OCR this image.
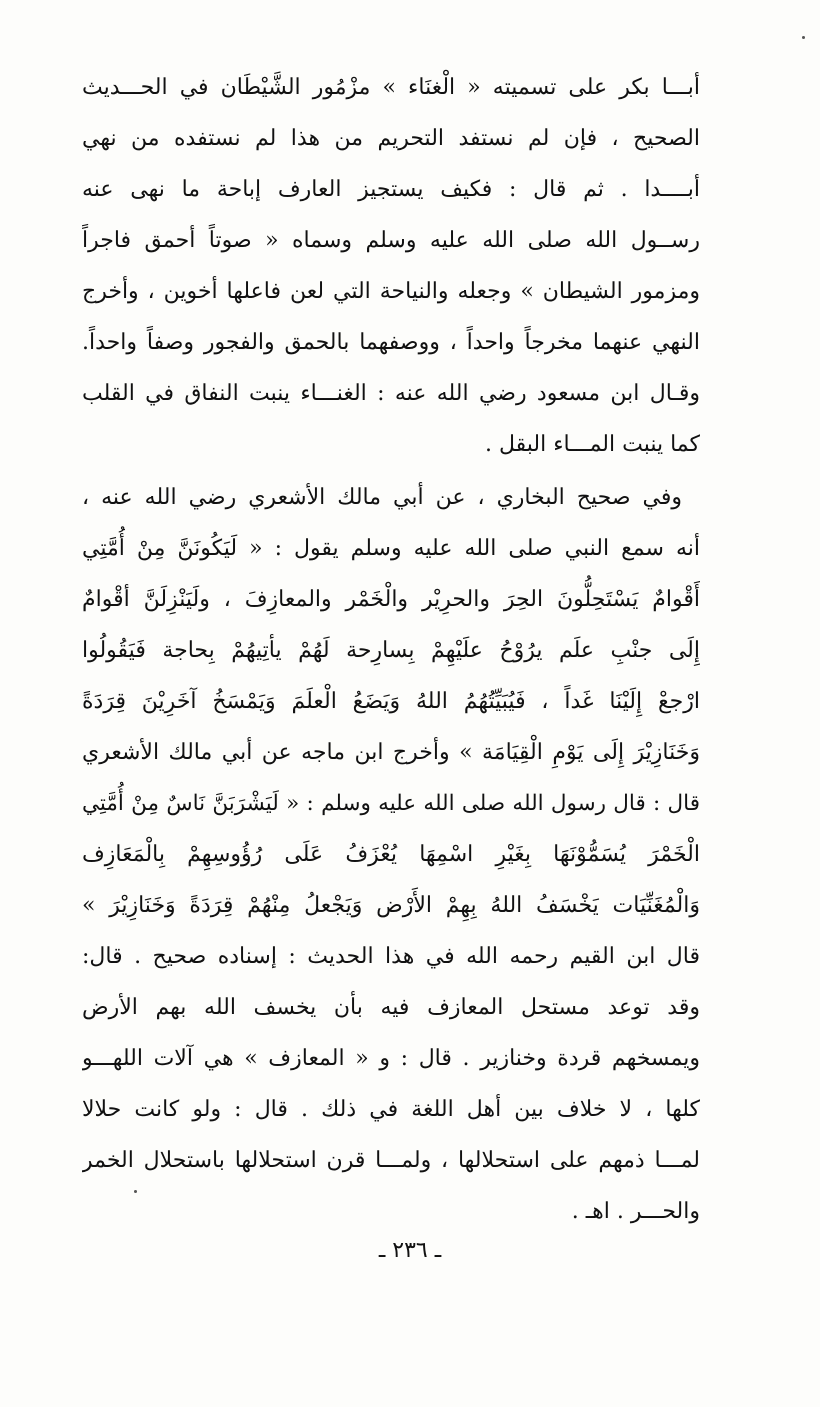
أبـــا بكر على تسميته « الْغنَاء » مزْمُور الشَّيْطَان في الحـــديث
الصحيح ، فإن لم نستفد التحريم من هذا لم نستفده من نهي
أبــــدا . ثم قال : فكيف يستجيز العارف إباحة ما نهى عنه
رســول الله صلى الله عليه وسلم وسماه « صوتاً أحمق فاجراً
ومزمور الشيطان » وجعله والنياحة التي لعن فاعلها أخوين ، وأخرج
النهي عنهما مخرجاً واحداً ، ووصفهما بالحمق والفجور وصفاً واحداً.
وقـال ابن مسعود رضي الله عنه : الغنـــاء ينبت النفاق في القلب
كما ينبت المـــاء البقل .
وفي صحيح البخاري ، عن أبي مالك الأشعري رضي الله عنه ،
أنه سمع النبي صلى الله عليه وسلم يقول : « لَيَكُونَنَّ مِنْ أُمَّتِي
أَقْوامٌ يَسْتَحِلُّونَ الحِرَ والحرِيْر والْخَمْر والمعازِفَ ، ولَيَنْزِلَنَّ أقْوامٌ
إِلَى جنْبِ علَم يرُوْحُ علَيْهِمْ بِسارِحة لَهُمْ يأتِيهُمْ بِحاجة فَيَقُولُوا
ارْجعْ إِلَيْنَا غَداً ، فَيُبَيِّتُهُمُ اللهُ وَيَضَعُ الْعلَمَ وَيَمْسَخُ آخَرِيْنَ قِرَدَةً
وَخَنَازِيْرَ إِلَى يَوْمِ الْقِيَامَة » وأخرج ابن ماجه عن أبي مالك الأشعري
قال : قال رسول الله صلى الله عليه وسلم : « لَيَشْرَبَنَّ نَاسٌ مِنْ أُمَّتِي
الْخَمْرَ يُسَمُّوْنَهَا بِغَيْرِ اسْمِهَا يُعْزَفُ عَلَى رُؤُوسِهِمْ بِالْمَعَازِف
وَالْمُغَنِّيَات يَخْسَفُ اللهُ بِهِمْ الأَرْض وَيَجْعلُ مِنْهُمْ قِرَدَةً وَخَنَازِيْرَ »
قال ابن القيم رحمه الله في هذا الحديث : إسناده صحيح . قال:
وقد توعد مستحل المعازف فيه بأن يخسف الله بهم الأرض
ويمسخهم قردة وخنازير . قال : و « المعازف » هي آلات اللهـــو
كلها ، لا خلاف بين أهل اللغة في ذلك . قال : ولو كانت حلالا
لمـــا ذمهم على استحلالها ، ولمـــا قرن استحلالها باستحلال الخمر
والحـــر . اهـ .
ـ ٢٣٦ ـ
